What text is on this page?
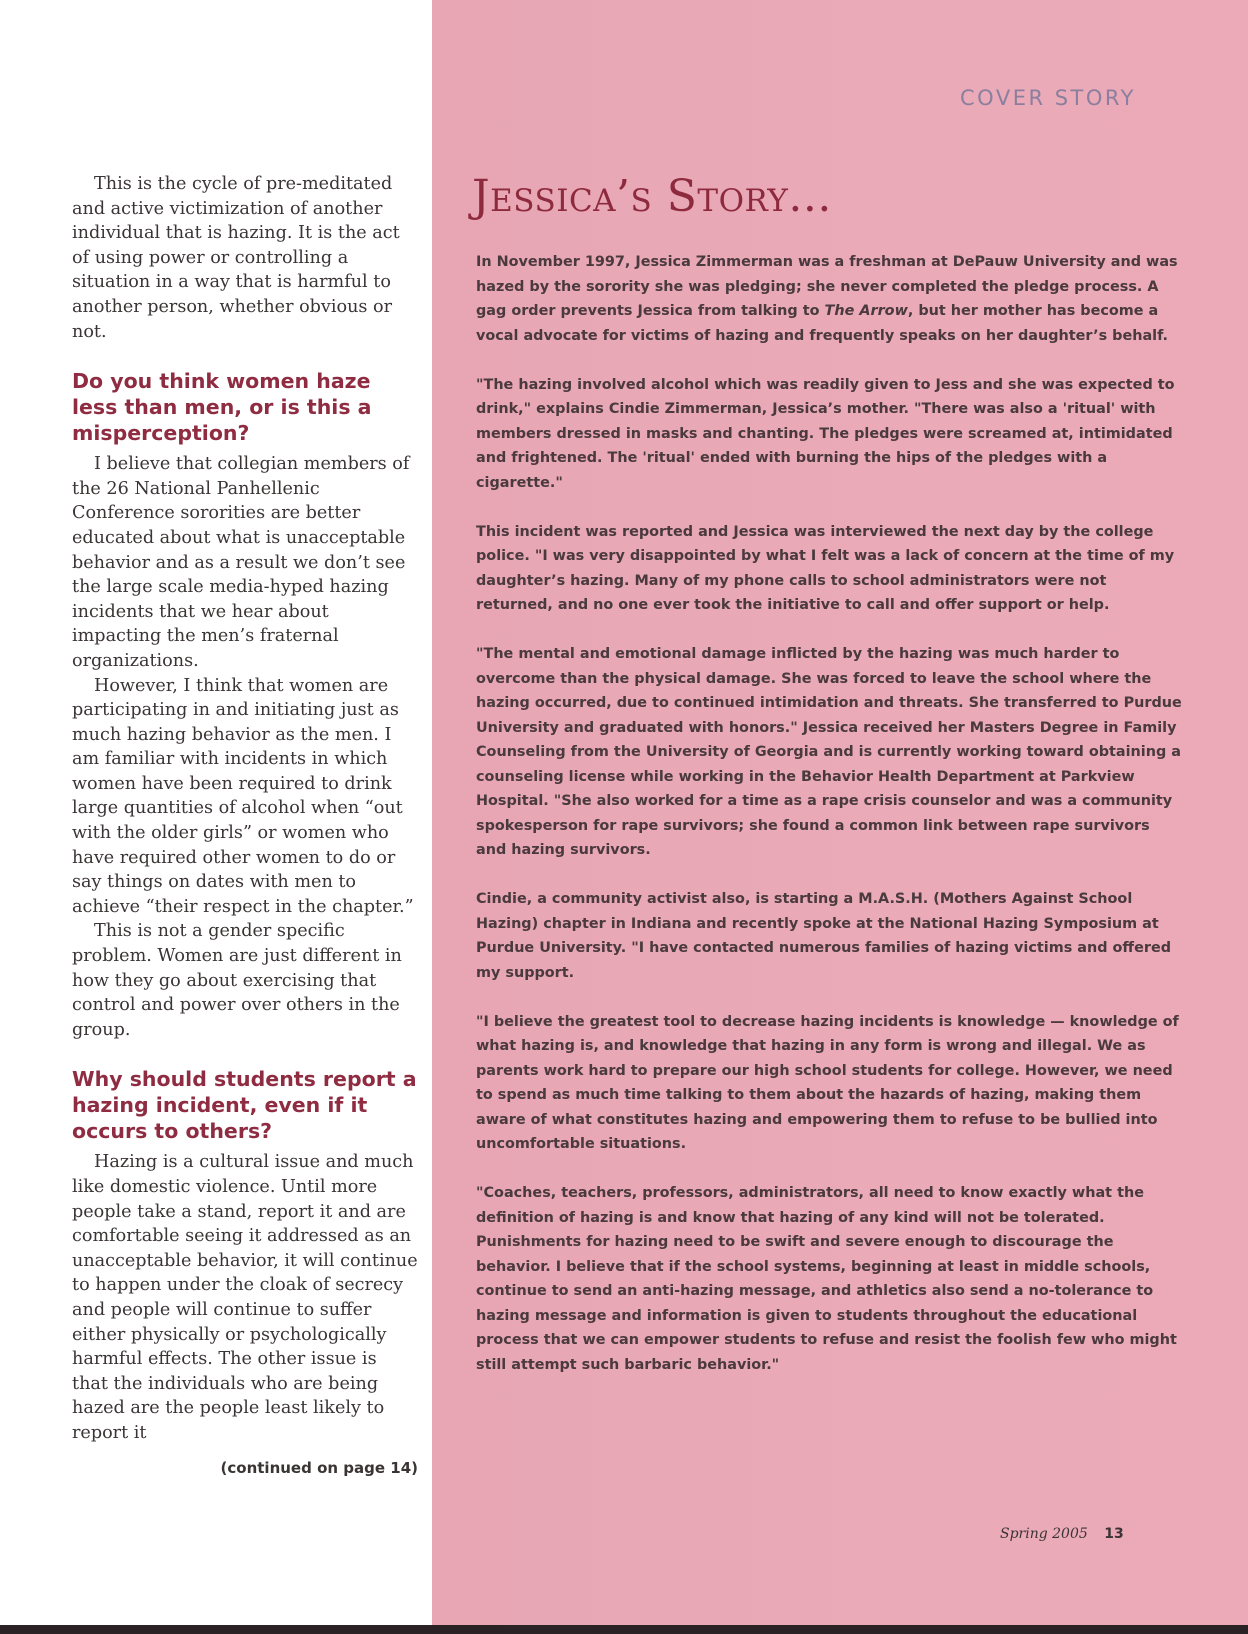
This is the cycle of pre-meditated and active victimization of another individual that is hazing. It is the act of using power or controlling a situation in a way that is harmful to another person, whether obvious or not.

Do you think women haze less than men, or is this a misperception?

I believe that collegian members of the 26 National Panhellenic Conference sororities are better educated about what is unacceptable behavior and as a result we don’t see the large scale media-hyped hazing incidents that we hear about impacting the men’s fraternal organizations.

However, I think that women are participating in and initiating just as much hazing behavior as the men. I am familiar with incidents in which women have been required to drink large quantities of alcohol when “out with the older girls” or women who have required other women to do or say things on dates with men to achieve “their respect in the chapter.”

This is not a gender specific problem. Women are just different in how they go about exercising that control and power over others in the group.

Why should students report a hazing incident, even if it occurs to others?

Hazing is a cultural issue and much like domestic violence. Until more people take a stand, report it and are comfortable seeing it addressed as an unacceptable behavior, it will continue to happen under the cloak of secrecy and people will continue to suffer either physically or psychologically harmful effects. The other issue is that the individuals who are being hazed are the people least likely to report it

(continued on page 14)
COVER STORY
Jessica’s Story...

In November 1997, Jessica Zimmerman was a freshman at DePauw University and was hazed by the sorority she was pledging; she never completed the pledge process. A gag order prevents Jessica from talking to The Arrow, but her mother has become a vocal advocate for victims of hazing and frequently speaks on her daughter’s behalf.

"The hazing involved alcohol which was readily given to Jess and she was expected to drink," explains Cindie Zimmerman, Jessica’s mother. "There was also a 'ritual' with members dressed in masks and chanting. The pledges were screamed at, intimidated and frightened. The 'ritual' ended with burning the hips of the pledges with a cigarette."

This incident was reported and Jessica was interviewed the next day by the college police. "I was very disappointed by what I felt was a lack of concern at the time of my daughter’s hazing. Many of my phone calls to school administrators were not returned, and no one ever took the initiative to call and offer support or help.

"The mental and emotional damage inflicted by the hazing was much harder to overcome than the physical damage. She was forced to leave the school where the hazing occurred, due to continued intimidation and threats. She transferred to Purdue University and graduated with honors." Jessica received her Masters Degree in Family Counseling from the University of Georgia and is currently working toward obtaining a counseling license while working in the Behavior Health Department at Parkview Hospital. "She also worked for a time as a rape crisis counselor and was a community spokesperson for rape survivors; she found a common link between rape survivors and hazing survivors.

Cindie, a community activist also, is starting a M.A.S.H. (Mothers Against School Hazing) chapter in Indiana and recently spoke at the National Hazing Symposium at Purdue University. "I have contacted numerous families of hazing victims and offered my support.

"I believe the greatest tool to decrease hazing incidents is knowledge — knowledge of what hazing is, and knowledge that hazing in any form is wrong and illegal. We as parents work hard to prepare our high school students for college. However, we need to spend as much time talking to them about the hazards of hazing, making them aware of what constitutes hazing and empowering them to refuse to be bullied into uncomfortable situations.

"Coaches, teachers, professors, administrators, all need to know exactly what the definition of hazing is and know that hazing of any kind will not be tolerated. Punishments for hazing need to be swift and severe enough to discourage the behavior. I believe that if the school systems, beginning at least in middle schools, continue to send an anti-hazing message, and athletics also send a no-tolerance to hazing message and information is given to students throughout the educational process that we can empower students to refuse and resist the foolish few who might still attempt such barbaric behavior."

Spring 2005 13
